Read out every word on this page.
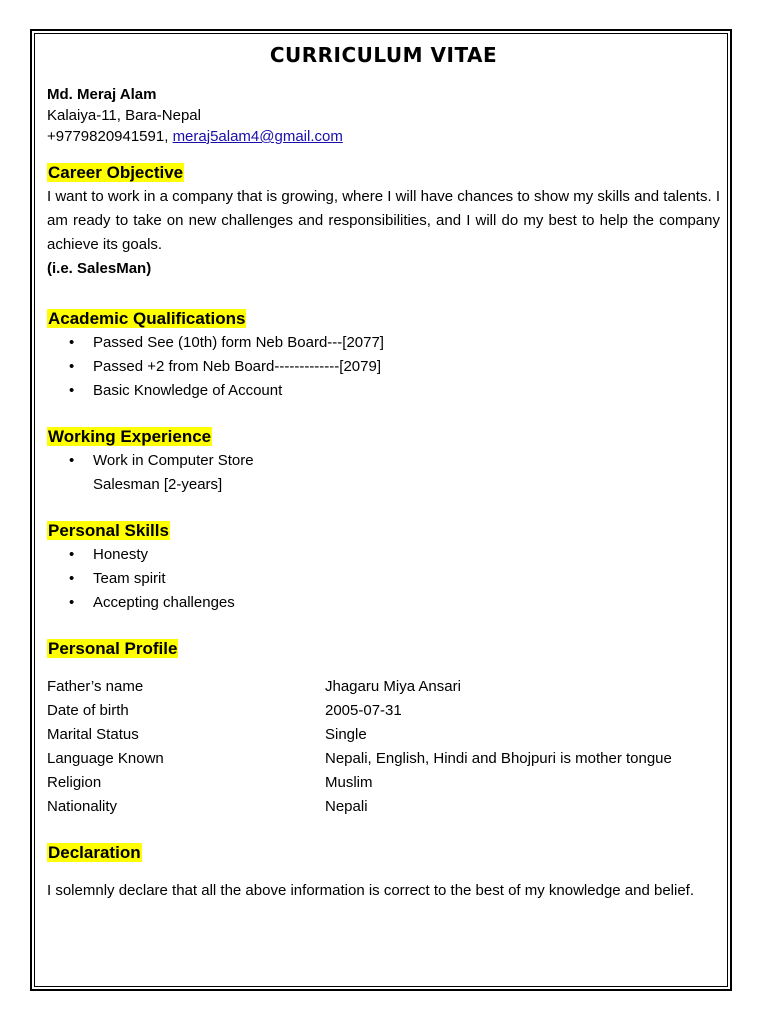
CURRICULUM VITAE
Md. Meraj Alam
Kalaiya-11, Bara-Nepal
+9779820941591, meraj5alam4@gmail.com
Career Objective

I want to work in a company that is growing, where I will have chances to show my skills and talents. I am ready to take on new challenges and responsibilities, and I will do my best to help the company achieve its goals.

(i.e. SalesMan)

Academic Qualifications
•	Passed See (10th) form Neb Board---[2077]
•	Passed +2 from Neb Board-------------[2079]
•	Basic Knowledge of Account
Working Experience
•	Work in Computer Store
Salesman [2-years]
Personal Skills
•	Honesty
•	Team spirit
•	Accepting challenges
Personal Profile
Father’s name	Jhagaru Miya Ansari
Date of birth	2005-07-31
Marital Status	Single
Language Known	Nepali, English, Hindi and Bhojpuri is mother tongue
Religion	Muslim
Nationality	Nepali
Declaration

I solemnly declare that all the above information is correct to the best of my knowledge and belief.
